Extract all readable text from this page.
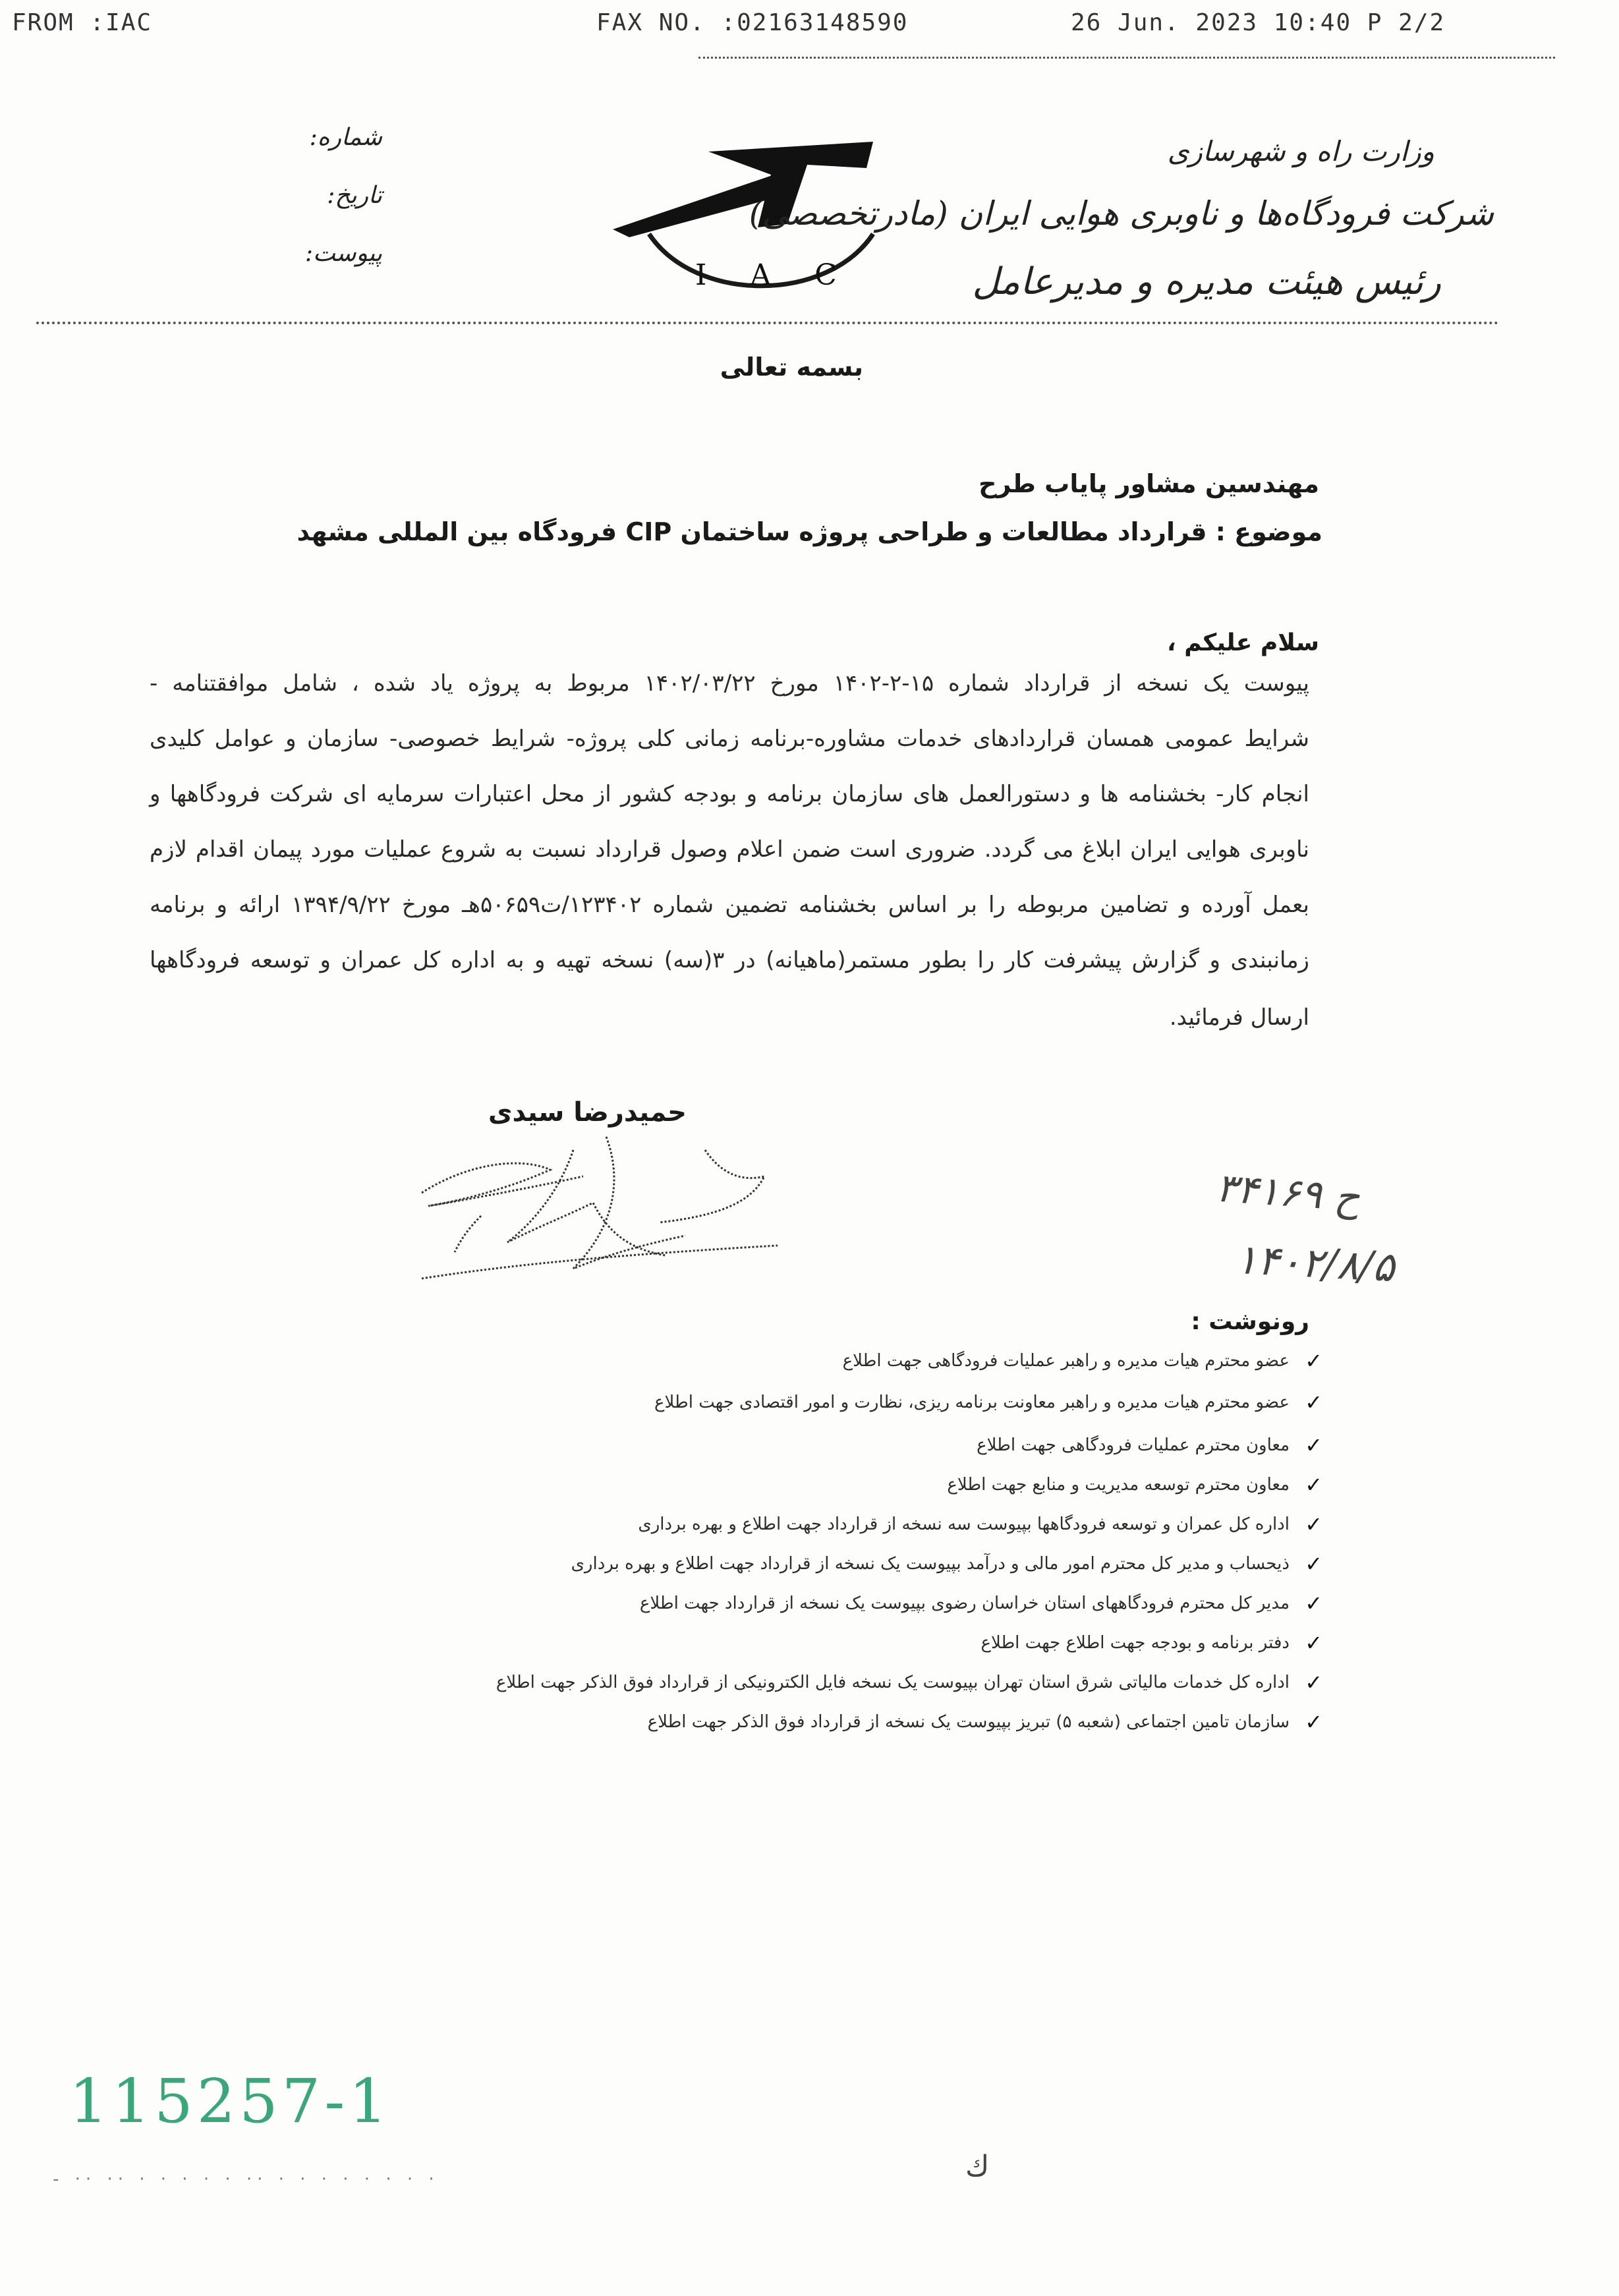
FROM :IAC	FAX NO. :02163148590	26 Jun. 2023 10:40 P 2/2
شماره:
تاریخ:
پیوست:
I A C
وزارت راه و شهرسازی
شرکت فرودگاه‌ها و ناوبری هوایی ایران (مادرتخصصی)
رئیس هیئت مدیره و مدیرعامل
بسمه تعالی
مهندسین مشاور پایاب طرح
موضوع : قرارداد مطالعات و طراحی پروژه ساختمان CIP فرودگاه بین المللی مشهد
سلام علیکم ،
پیوست یک نسخه از قرارداد شماره ۱۵-۲-۱۴۰۲ مورخ ۱۴۰۲/۰۳/۲۲ مربوط به پروژه یاد شده ، شامل موافقتنامه -
شرایط عمومی همسان قراردادهای خدمات مشاوره-برنامه زمانی کلی پروژه- شرایط خصوصی- سازمان و عوامل کلیدی
انجام کار- بخشنامه ها و دستورالعمل های سازمان برنامه و بودجه کشور از محل اعتبارات سرمایه ای شرکت فرودگاهها و
ناوبری هوایی ایران ابلاغ می گردد. ضروری است ضمن اعلام وصول قرارداد نسبت به شروع عملیات مورد پیمان اقدام لازم
بعمل آورده و تضامین مربوطه را بر اساس بخشنامه تضمین شماره ۱۲۳۴۰۲/ت۵۰۶۵۹هـ مورخ ۱۳۹۴/۹/۲۲ ارائه و برنامه
زمانبندی و گزارش پیشرفت کار را بطور مستمر(ماهیانه) در ۳(سه) نسخه تهیه و به اداره کل عمران و توسعه فرودگاهها
ارسال فرمائید.
حمیدرضا سیدی
۳۴۱۶۹ ح
۱۴۰۲/۸/۵
رونوشت :
✓
عضو محترم هیات مدیره و راهبر عملیات فرودگاهی جهت اطلاع
✓
عضو محترم هیات مدیره و راهبر معاونت برنامه ریزی، نظارت و امور اقتصادی جهت اطلاع
✓
معاون محترم عملیات فرودگاهی جهت اطلاع
✓
معاون محترم توسعه مدیریت و منابع جهت اطلاع
✓
اداره کل عمران و توسعه فرودگاهها بپیوست سه نسخه از قرارداد جهت اطلاع و بهره برداری
✓
ذیحساب و مدیر کل محترم امور مالی و درآمد بپیوست یک نسخه از قرارداد جهت اطلاع و بهره برداری
✓
مدیر کل محترم فرودگاههای استان خراسان رضوی بپیوست یک نسخه از قرارداد جهت اطلاع
✓
دفتر برنامه و بودجه جهت اطلاع جهت اطلاع
✓
اداره کل خدمات مالیاتی شرق استان تهران بپیوست یک نسخه فایل الکترونیکی از قرارداد فوق الذکر جهت اطلاع
✓
سازمان تامین اجتماعی (شعبه ۵) تبریز بپیوست یک نسخه از قرارداد فوق الذکر جهت اطلاع
115257-1
- ·· ·· · · · · · ·· · · · · · · · ·	ﻙ
